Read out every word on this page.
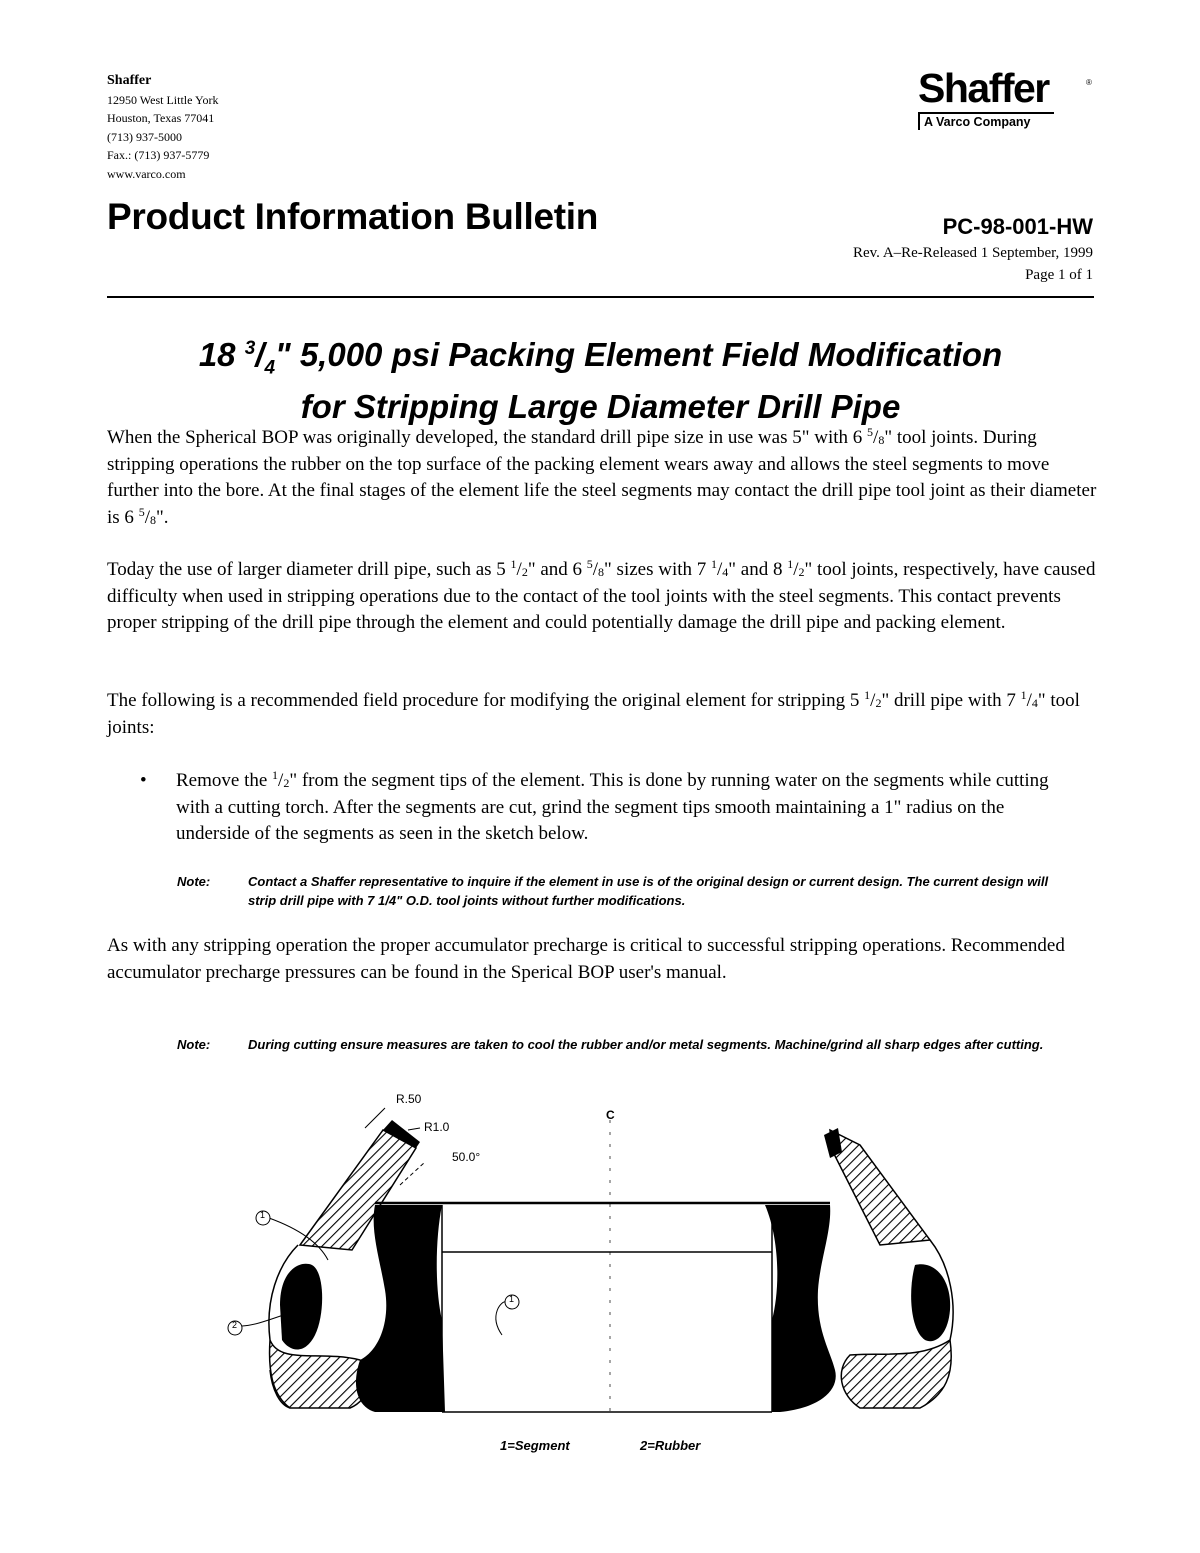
Shaffer
12950 West Little York
Houston, Texas 77041
(713) 937-5000
Fax.: (713) 937-5779
www.varco.com
Shaffer	®
A Varco Company
Product Information Bulletin	PC-98-001-HW
Rev. A–Re-Released 1 September, 1999
Page 1 of 1
18 $^3/_4$" 5,000 psi Packing Element Field Modification
for Stripping Large Diameter Drill Pipe
When the Spherical BOP was originally developed, the standard drill pipe size in use was 5" with 6 $^5/_8$" tool joints. During stripping operations the rubber on the top surface of the packing element wears away and allows the steel segments to move further into the bore. At the final stages of the element life the steel segments may contact the drill pipe tool joint as their diameter is 6 $^5/_8$".
Today the use of larger diameter drill pipe, such as 5 $^1/_2$" and 6 $^5/_8$" sizes with 7 $^1/_4$" and 8 $^1/_2$" tool joints, respectively, have caused difficulty when used in stripping operations due to the contact of the tool joints with the steel segments. This contact prevents proper stripping of the drill pipe through the element and could potentially damage the drill pipe and packing element.
The following is a recommended field procedure for modifying the original element for stripping 5 $^1/_2$" drill pipe with 7 $^1/_4$" tool joints:
• Remove the $^1/_2$" from the segment tips of the element. This is done by running water on the segments while cutting with a cutting torch. After the segments are cut, grind the segment tips smooth maintaining a 1" radius on the underside of the segments as seen in the sketch below.
Note:	Contact a Shaffer representative to inquire if the element in use is of the original design or current design. The current design will strip drill pipe with 7 1/4" O.D. tool joints without further modifications.
As with any stripping operation the proper accumulator precharge is critical to successful stripping operations. Recommended accumulator precharge pressures can be found in the Sperical BOP user's manual.
Note:	During cutting ensure measures are taken to cool the rubber and/or metal segments. Machine/grind all sharp edges after cutting.
R.50
R1.0
50.0°
C
1
2
1
1=Segment	2=Rubber
